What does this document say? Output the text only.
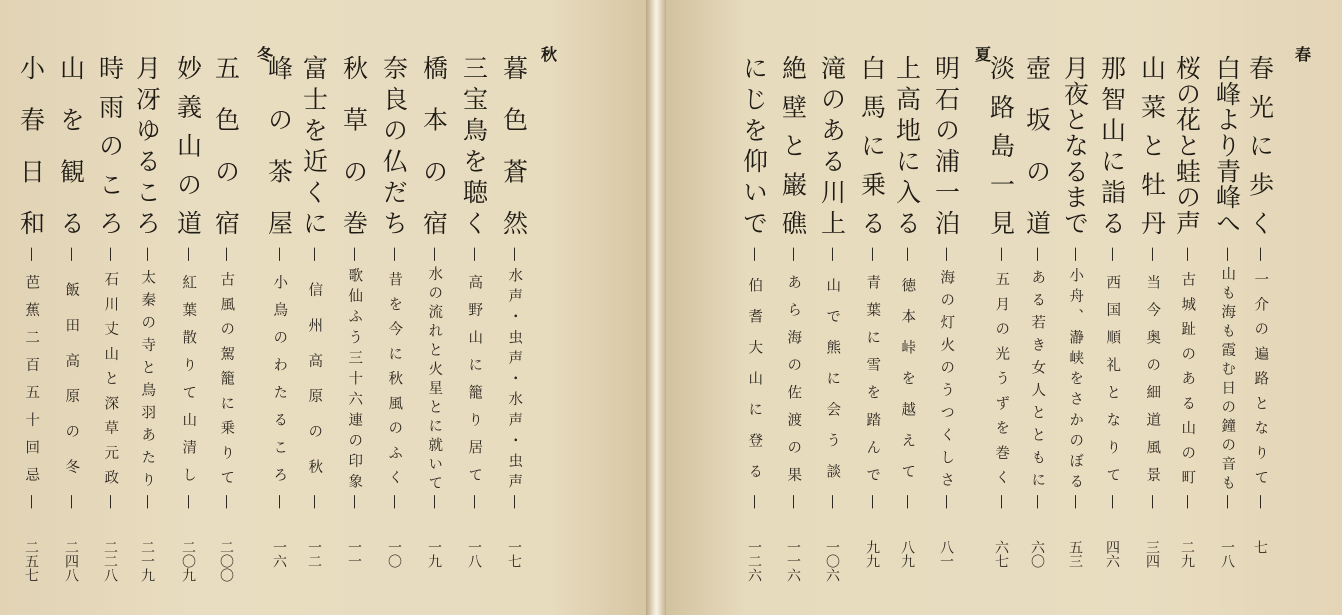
秋
暮色蒼然
—水声・虫声・水声・虫声—
一七
三宝鳥を聴く
—高野山に籠り居て—
一八
橋本の宿
—水の流れと火星とに就いて—
一九
奈良の仏だち
—昔を今に秋風のふく—
一〇
秋草の巻
—歌仙ふう三十六連の印象—
一一
富士を近くに
—信州高原の秋—
一二
峰の茶屋
—小鳥のわたるころ—
一六
冬
五色の宿
—古風の駕籠に乗りて—
二〇〇
妙義山の道
—紅葉散りて山清し—
二〇九
月冴ゆるころ
—太秦の寺と鳥羽あたり—
二一九
時雨のころ
—石川丈山と深草元政—
二二八
山を観る
—飯田高原の冬—
二四八
小春日和
—芭蕉二百五十回忌—
二五七
春
春光に歩く
—一介の遍路となりて—
七
白峰より青峰へ
—山も海も霞む日の鐘の音も—
一八
桜の花と蛙の声
—古城趾のある山の町—
二九
山菜と牡丹
—当今奥の細道風景—
三四
那智山に詣る
—西国順礼となりて—
四六
月夜となるまで
—小舟、瀞峡をさかのぼる—
五三
壺坂の道
—ある若き女人とともに—
六〇
淡路島一見
—五月の光うずを巻く—
六七
夏
明石の浦一泊
—海の灯火のうつくしさ—
八一
上高地に入る
—徳本峠を越えて—
八九
白馬に乗る
—青葉に雪を踏んで—
九九
滝のある川上
—山で熊に会う談—
一〇六
絶壁と巌礁
—あら海の佐渡の果—
一一六
にじを仰いで
—伯耆大山に登る—
一二六
